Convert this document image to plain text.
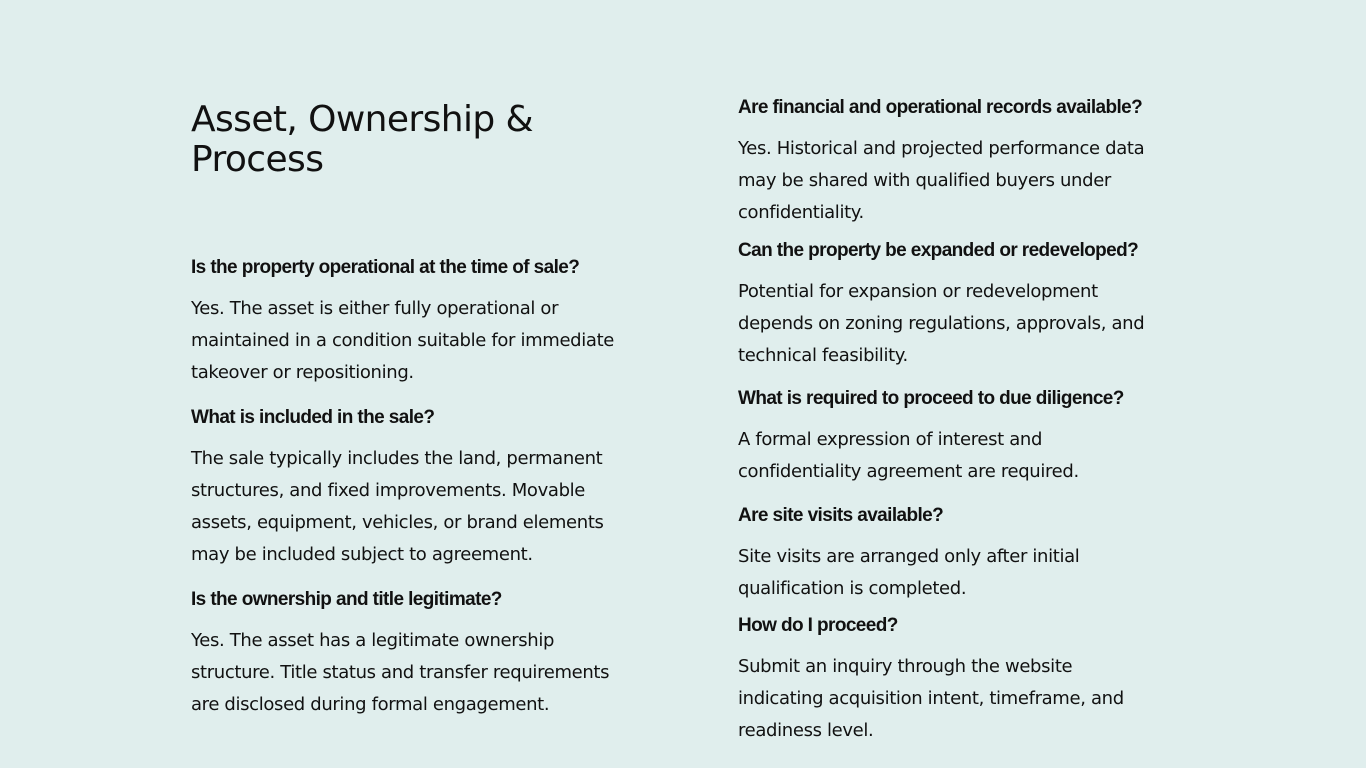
Asset, Ownership & Process

Is the property operational at the time of sale?

Yes. The asset is either fully operational or
maintained in a condition suitable for immediate
takeover or repositioning.

What is included in the sale?

The sale typically includes the land, permanent
structures, and fixed improvements. Movable
assets, equipment, vehicles, or brand elements
may be included subject to agreement.

Is the ownership and title legitimate?

Yes. The asset has a legitimate ownership
structure. Title status and transfer requirements
are disclosed during formal engagement.

Are financial and operational records available?

Yes. Historical and projected performance data
may be shared with qualified buyers under
confidentiality.

Can the property be expanded or redeveloped?

Potential for expansion or redevelopment
depends on zoning regulations, approvals, and
technical feasibility.

What is required to proceed to due diligence?

A formal expression of interest and
confidentiality agreement are required.

Are site visits available?

Site visits are arranged only after initial
qualification is completed.

How do I proceed?

Submit an inquiry through the website
indicating acquisition intent, timeframe, and
readiness level.
